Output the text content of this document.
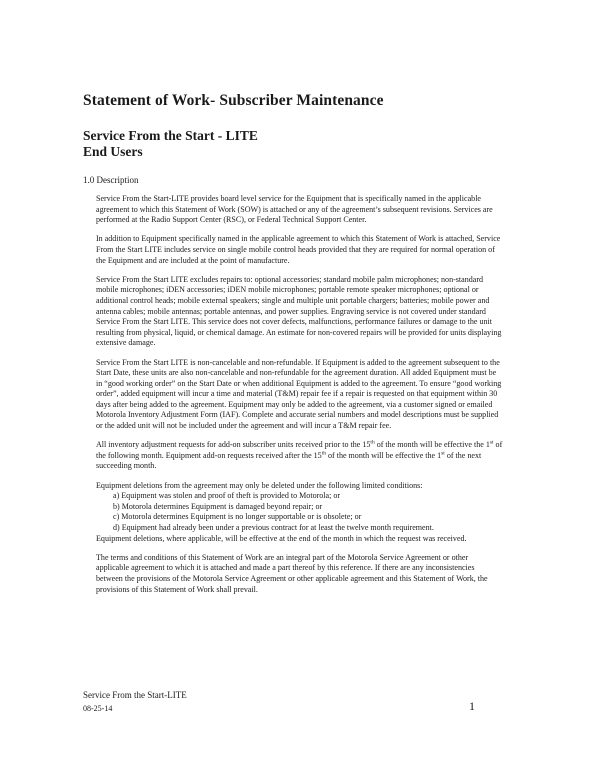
Statement of Work- Subscriber Maintenance
Service From the Start - LITE
End Users
1.0 Description

Service From the Start-LITE provides board level service for the Equipment that is specifically named in the applicable agreement to which this Statement of Work (SOW) is attached or any of the agreement’s subsequent revisions. Services are performed at the Radio Support Center (RSC), or Federal Technical Support Center.

In addition to Equipment specifically named in the applicable agreement to which this Statement of Work is attached, Service From the Start LITE includes service on single mobile control heads provided that they are required for normal operation of the Equipment and are included at the point of manufacture.

Service From the Start LITE excludes repairs to: optional accessories; standard mobile palm microphones; non-standard mobile microphones; iDEN accessories; iDEN mobile microphones; portable remote speaker microphones; optional or additional control heads; mobile external speakers; single and multiple unit portable chargers; batteries; mobile power and antenna cables; mobile antennas; portable antennas, and power supplies. Engraving service is not covered under standard Service From the Start LITE. This service does not cover defects, malfunctions, performance failures or damage to the unit resulting from physical, liquid, or chemical damage. An estimate for non-covered repairs will be provided for units displaying extensive damage.

Service From the Start LITE is non-cancelable and non-refundable. If Equipment is added to the agreement subsequent to the Start Date, these units are also non-cancelable and non-refundable for the agreement duration. All added Equipment must be in “good working order” on the Start Date or when additional Equipment is added to the agreement. To ensure “good working order”, added equipment will incur a time and material (T&M) repair fee if a repair is requested on that equipment within 30 days after being added to the agreement. Equipment may only be added to the agreement, via a customer signed or emailed Motorola Inventory Adjustment Form (IAF). Complete and accurate serial numbers and model descriptions must be supplied or the added unit will not be included under the agreement and will incur a T&M repair fee.

All inventory adjustment requests for add-on subscriber units received prior to the 15th of the month will be effective the 1st of the following month. Equipment add-on requests received after the 15th of the month will be effective the 1st of the next succeeding month.

Equipment deletions from the agreement may only be deleted under the following limited conditions:

a) Equipment was stolen and proof of theft is provided to Motorola; or
b) Motorola determines Equipment is damaged beyond repair; or
c) Motorola determines Equipment is no longer supportable or is obsolete; or
d) Equipment had already been under a previous contract for at least the twelve month requirement.

Equipment deletions, where applicable, will be effective at the end of the month in which the request was received.

The terms and conditions of this Statement of Work are an integral part of the Motorola Service Agreement or other applicable agreement to which it is attached and made a part thereof by this reference. If there are any inconsistencies between the provisions of the Motorola Service Agreement or other applicable agreement and this Statement of Work, the provisions of this Statement of Work shall prevail.

Service From the Start-LITE
08-25-14	1
